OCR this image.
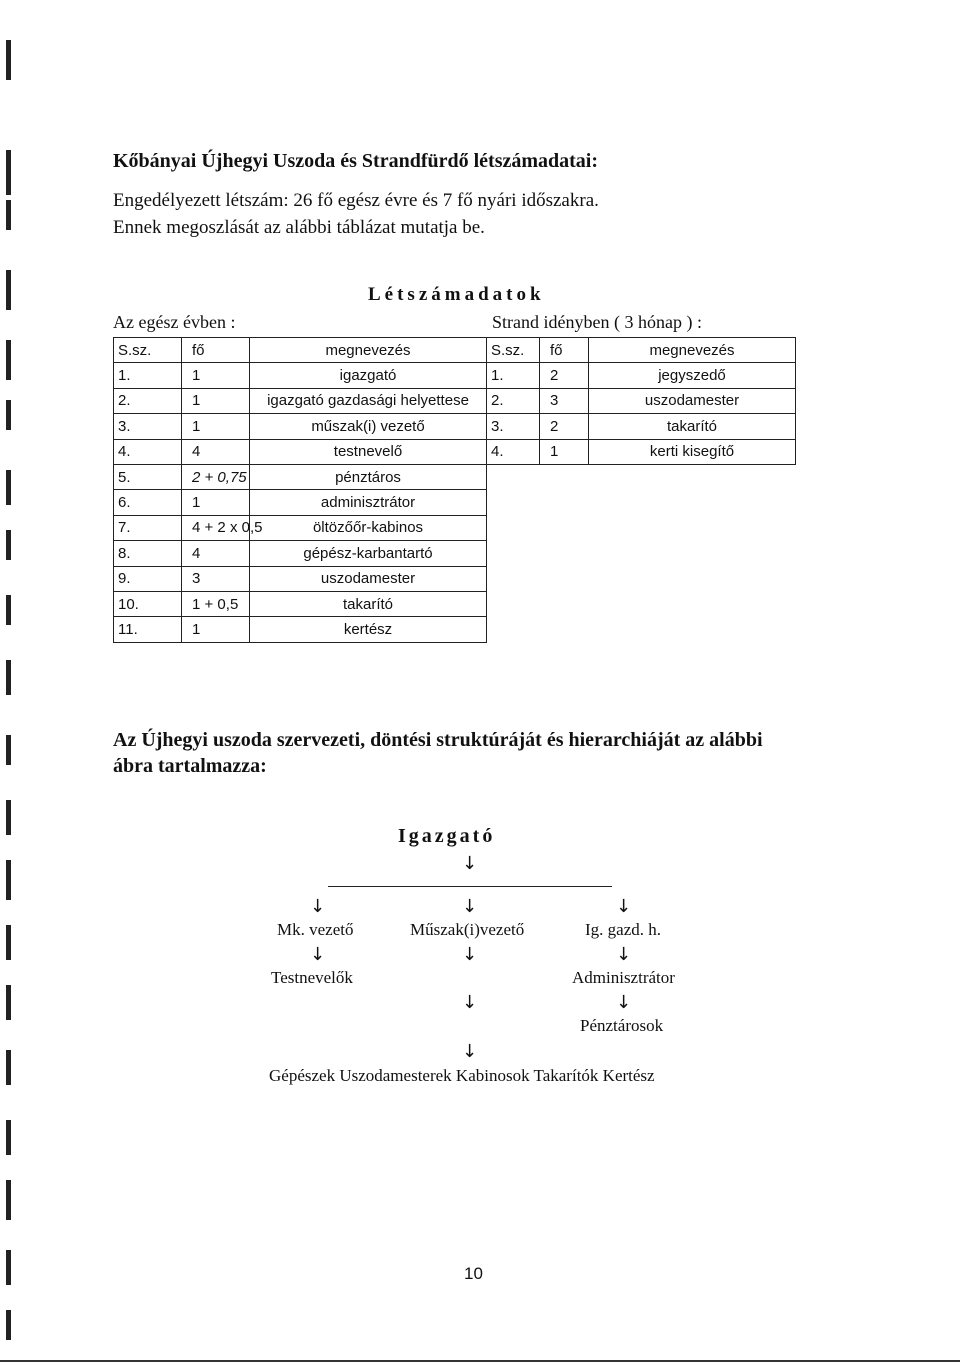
Kőbányai Újhegyi Uszoda és Strandfürdő létszámadatai:
Engedélyezett létszám: 26 fő egész évre és 7 fő nyári időszakra.
Ennek megoszlását az alábbi táblázat mutatja be.
Létszámadatok
Az egész évben :	Strand idényben ( 3 hónap ) :
S.sz.	fő	megnevezés	S.sz.	fő	megnevezés
1.	1	igazgató	1.	2	jegyszedő
2.	1	igazgató gazdasági helyettese	2.	3	uszodamester
3.	1	műszak(i) vezető	3.	2	takarító
4.	4	testnevelő	4.	1	kerti kisegítő
5.	2 + 0,75	pénztáros			
6.	1	adminisztrátor			
7.	4 + 2 x 0,5	öltözőőr-kabinos			
8.	4	gépész-karbantartó			
9.	3	uszodamester			
10.	1 + 0,5	takarító			
11.	1	kertész			
Az Újhegyi uszoda szervezeti, döntési struktúráját és hierarchiáját az alábbi ábra tartalmazza:
Igazgató
↓
↓	↓	↓
Mk. vezető	Műszak(i)vezető	Ig. gazd. h.
↓	↓	↓
Testnevelők	Adminisztrátor
↓	↓
Pénztárosok
↓
Gépészek Uszodamesterek Kabinosok Takarítók Kertész
10
